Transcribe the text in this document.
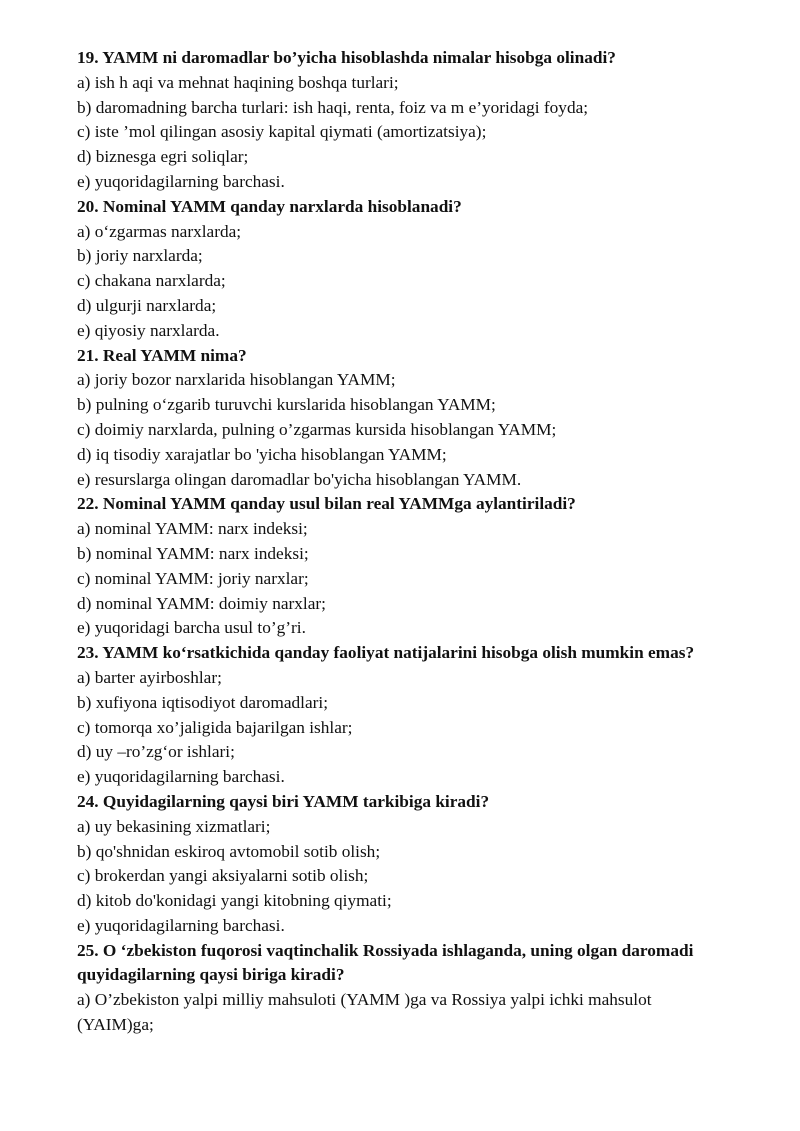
19. YAMM ni daromadlar bo’yicha hisoblashda nimalar hisobga olinadi?

a) ish h aqi va mehnat haqining boshqa turlari;

b) daromadning barcha turlari: ish haqi, renta, foiz va m e’yoridagi foyda;

c) iste ’mol qilingan asosiy kapital qiymati (amortizatsiya);

d) biznesga egri soliqlar;

e) yuqoridagilarning barchasi.

20. Nominal YAMM qanday narxlarda hisoblanadi?

a) o‘zgarmas narxlarda;

b) joriy narxlarda;

c) chakana narxlarda;

d) ulgurji narxlarda;

e) qiyosiy narxlarda.

21. Real YAMM nima?

a) joriy bozor narxlarida hisoblangan YAMM;

b) pulning o‘zgarib turuvchi kurslarida hisoblangan YAMM;

c) doimiy narxlarda, pulning o’zgarmas kursida hisoblangan YAMM;

d) iq tisodiy xarajatlar bo 'yicha hisoblangan YAMM;

e) resurslarga olingan daromadlar bo'yicha hisoblangan YAMM.

22. Nominal YAMM qanday usul bilan real YAMMga aylantiriladi?

a) nominal YAMM: narx indeksi;

b) nominal YAMM: narx indeksi;

c) nominal YAMM: joriy narxlar;

d) nominal YAMM: doimiy narxlar;

e) yuqoridagi barcha usul to’g’ri.

23. YAMM ko‘rsatkichida qanday faoliyat natijalarini hisobga olish mumkin emas?

a) barter ayirboshlar;

b) xufiyona iqtisodiyot daromadlari;

c) tomorqa xo’jaligida bajarilgan ishlar;

d) uy –ro’zg‘or ishlari;

e) yuqoridagilarning barchasi.

24. Quyidagilarning qaysi biri YAMM tarkibiga kiradi?

a) uy bekasining xizmatlari;

b) qo'shnidan eskiroq avtomobil sotib olish;

c) brokerdan yangi aksiyalarni sotib olish;

d) kitob do'konidagi yangi kitobning qiymati;

e) yuqoridagilarning barchasi.

25. O ‘zbekiston fuqorosi vaqtinchalik Rossiyada ishlaganda, uning olgan daromadi quyidagilarning qaysi biriga kiradi?

a) O’zbekiston yalpi milliy mahsuloti (YAMM )ga va Rossiya yalpi ichki mahsulot (YAIM)ga;
